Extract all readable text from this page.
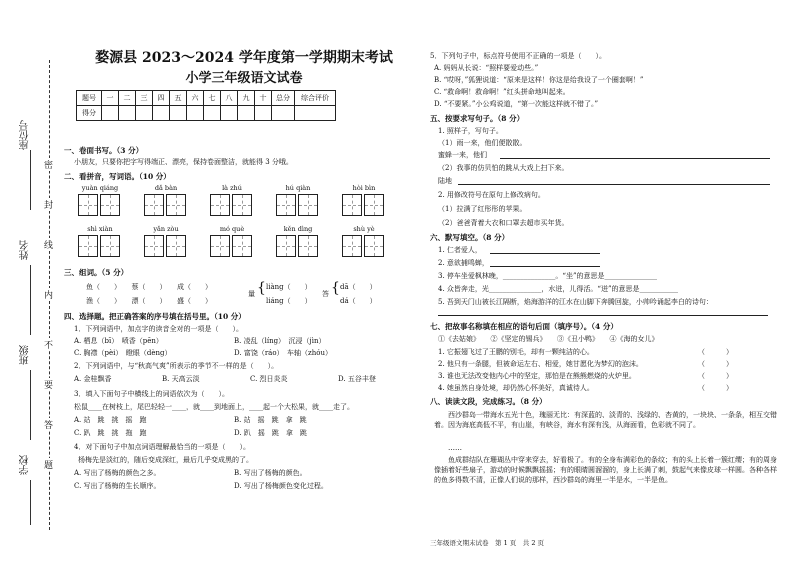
座位号
姓名
班级
学校
密
封
线
内
不
要
答
题
婺源县 2023～2024 学年度第一学期期末考试
小学三年级语文试卷
题号	一	二	三	四	五	六	七	八	九	十	总分	综合评价
得分												
一、卷面书写。（3 分）
小朋友，只要你把字写得端正、漂亮，保持卷面整洁，就能得 3 分哦。
二、看拼音，写词语。（10 分）
yuàn qiáng	dǎ bàn	là zhú	hú qiàn	hòi bìn
shì xiàn	yǎn zòu	mó què	kěn dìng	shù yè
三、组词。（5 分）
鱼（　　）　　蔡（　　）　　成（　　）
渔（　　）　　漂（　　）　　盛（　　）
量 { liàng（　　）
liáng（　　）
答 { dā（　　）
dá（　　）
四、选择题。把正确答案的序号填在括号里。（10 分）
1．下列词语中，加点字的读音全对的一项是（　　）。
A. 栖息（bī）　喷香（pēn）	B. 凌乱（líng）　沉浸（jìn）
C. 胸襟（pèi）　瞪眼（dèng）	D. 富饶（ráo）　车轴（zhóu）
2．下列词语中，与“秋高气爽”所表示的季节不一样的是（　　）。
A. 金桂飘香	B. 天高云淡	C. 烈日炎炎	D. 五谷丰登
3．填入下面句子中横线上的词语依次为（　　）。
松鼠____在树枝上，尾巴轻轻一____，就____到地面上，____起一个大松果，就____走了。
A. 站　跳　挑　摇　跑	B. 站　摇　跳　拿　跳
C. 趴　跳　挑　拖　跑	D. 趴　摇　跳　拿　跳
4．对下面句子中加点词语理解最恰当的一项是（　　）。
杨梅先是淡红的，随后变成深红，最后几乎变成黑的了。
A. 写出了杨梅的颜色之多。	B. 写出了杨梅的颜色。
C. 写出了杨梅的生长顺序。	D. 写出了杨梅颜色变化过程。
5．下列句子中，标点符号使用不正确的一项是（　　）。
A. 妈妈从长说：“照样要爱动些。”
B. “哎呀，”狐狸说道：“原来是这样！你这是给我设了一个圈套啊！”
C. “救命啊！救命啊！”红头拼命地叫起来。
D. “不要紧。”小公鸡说道，“第一次能这样就不错了。”
五、按要求写句子。（8 分）
1. 照样子，写句子。
（1）雨一来，他们便散散。
蜜蜂一来，他们
（2）我事的仿贝怕的跳从大戏上扫下来。
陆地
2. 用修改符号在原句上修改病句。
（1）拉满了红彤彤的苹果。
（2）爸爸背着大衣和口罩去超市买年货。
六、默写填空。（8 分）
1. 仁者爱人，
2. 意欲捕鸣蝉，
3. 停车坐爱枫林晚，_______________。“坐”的意思是_______________
4. 众皆奔走，光_______________，水迸，儿得活。“迸”的意思是___________
5. 吾到天门山被长江隔断，焰海游洋的江水在山脚下奔腾回旋，小帅吟诵起李白的诗句：
七、把故事名称填在相应的语句后面（填序号）。（4 分）
①《去姑娘》　　②《坚定的锡兵》　　③《丑小鸭》　　④《海的女儿》
1. 它振翅飞过了王鹏的别毛，却有一颗纯洁的心。	（　　　）
2. 他只有一条腿，但被命运左右、相爱，她甘愿化为梦幻的泡沫。	（　　　）
3. 谁也无法改变他内心中的坚定，那怕是在熊熊燃烧的火炉里。	（　　　）
4. 她虽然自身处境，却仍然心怀美好，真诚待人。	（　　　）
八、读读文段，完成练习。（8 分）
西沙群岛一带海水五光十色，瑰丽无比：有深蓝的、淡青的、浅绿的、杏黄的，一块块、一条条，相互交错着。因为海底高低不平，有山崖，有峡谷，海水有深有浅，从海面看，色彩就不同了。
……
鱼成群结队在珊瑚丛中穿来穿去，好看极了。有的全身布满彩色的条纹；有的头上长着一簇红缨；有的周身像插着好些扇子，游动的时候飘飘摇摇；有的眼睛圆溜溜的，身上长满了刺，鼓起气来像皮球一样圆。各种各样的鱼多得数不清，正像人们说的那样，西沙群岛的海里一半是水，一半是鱼。
三年级语文期末试卷　第 1 页　共 2 页
